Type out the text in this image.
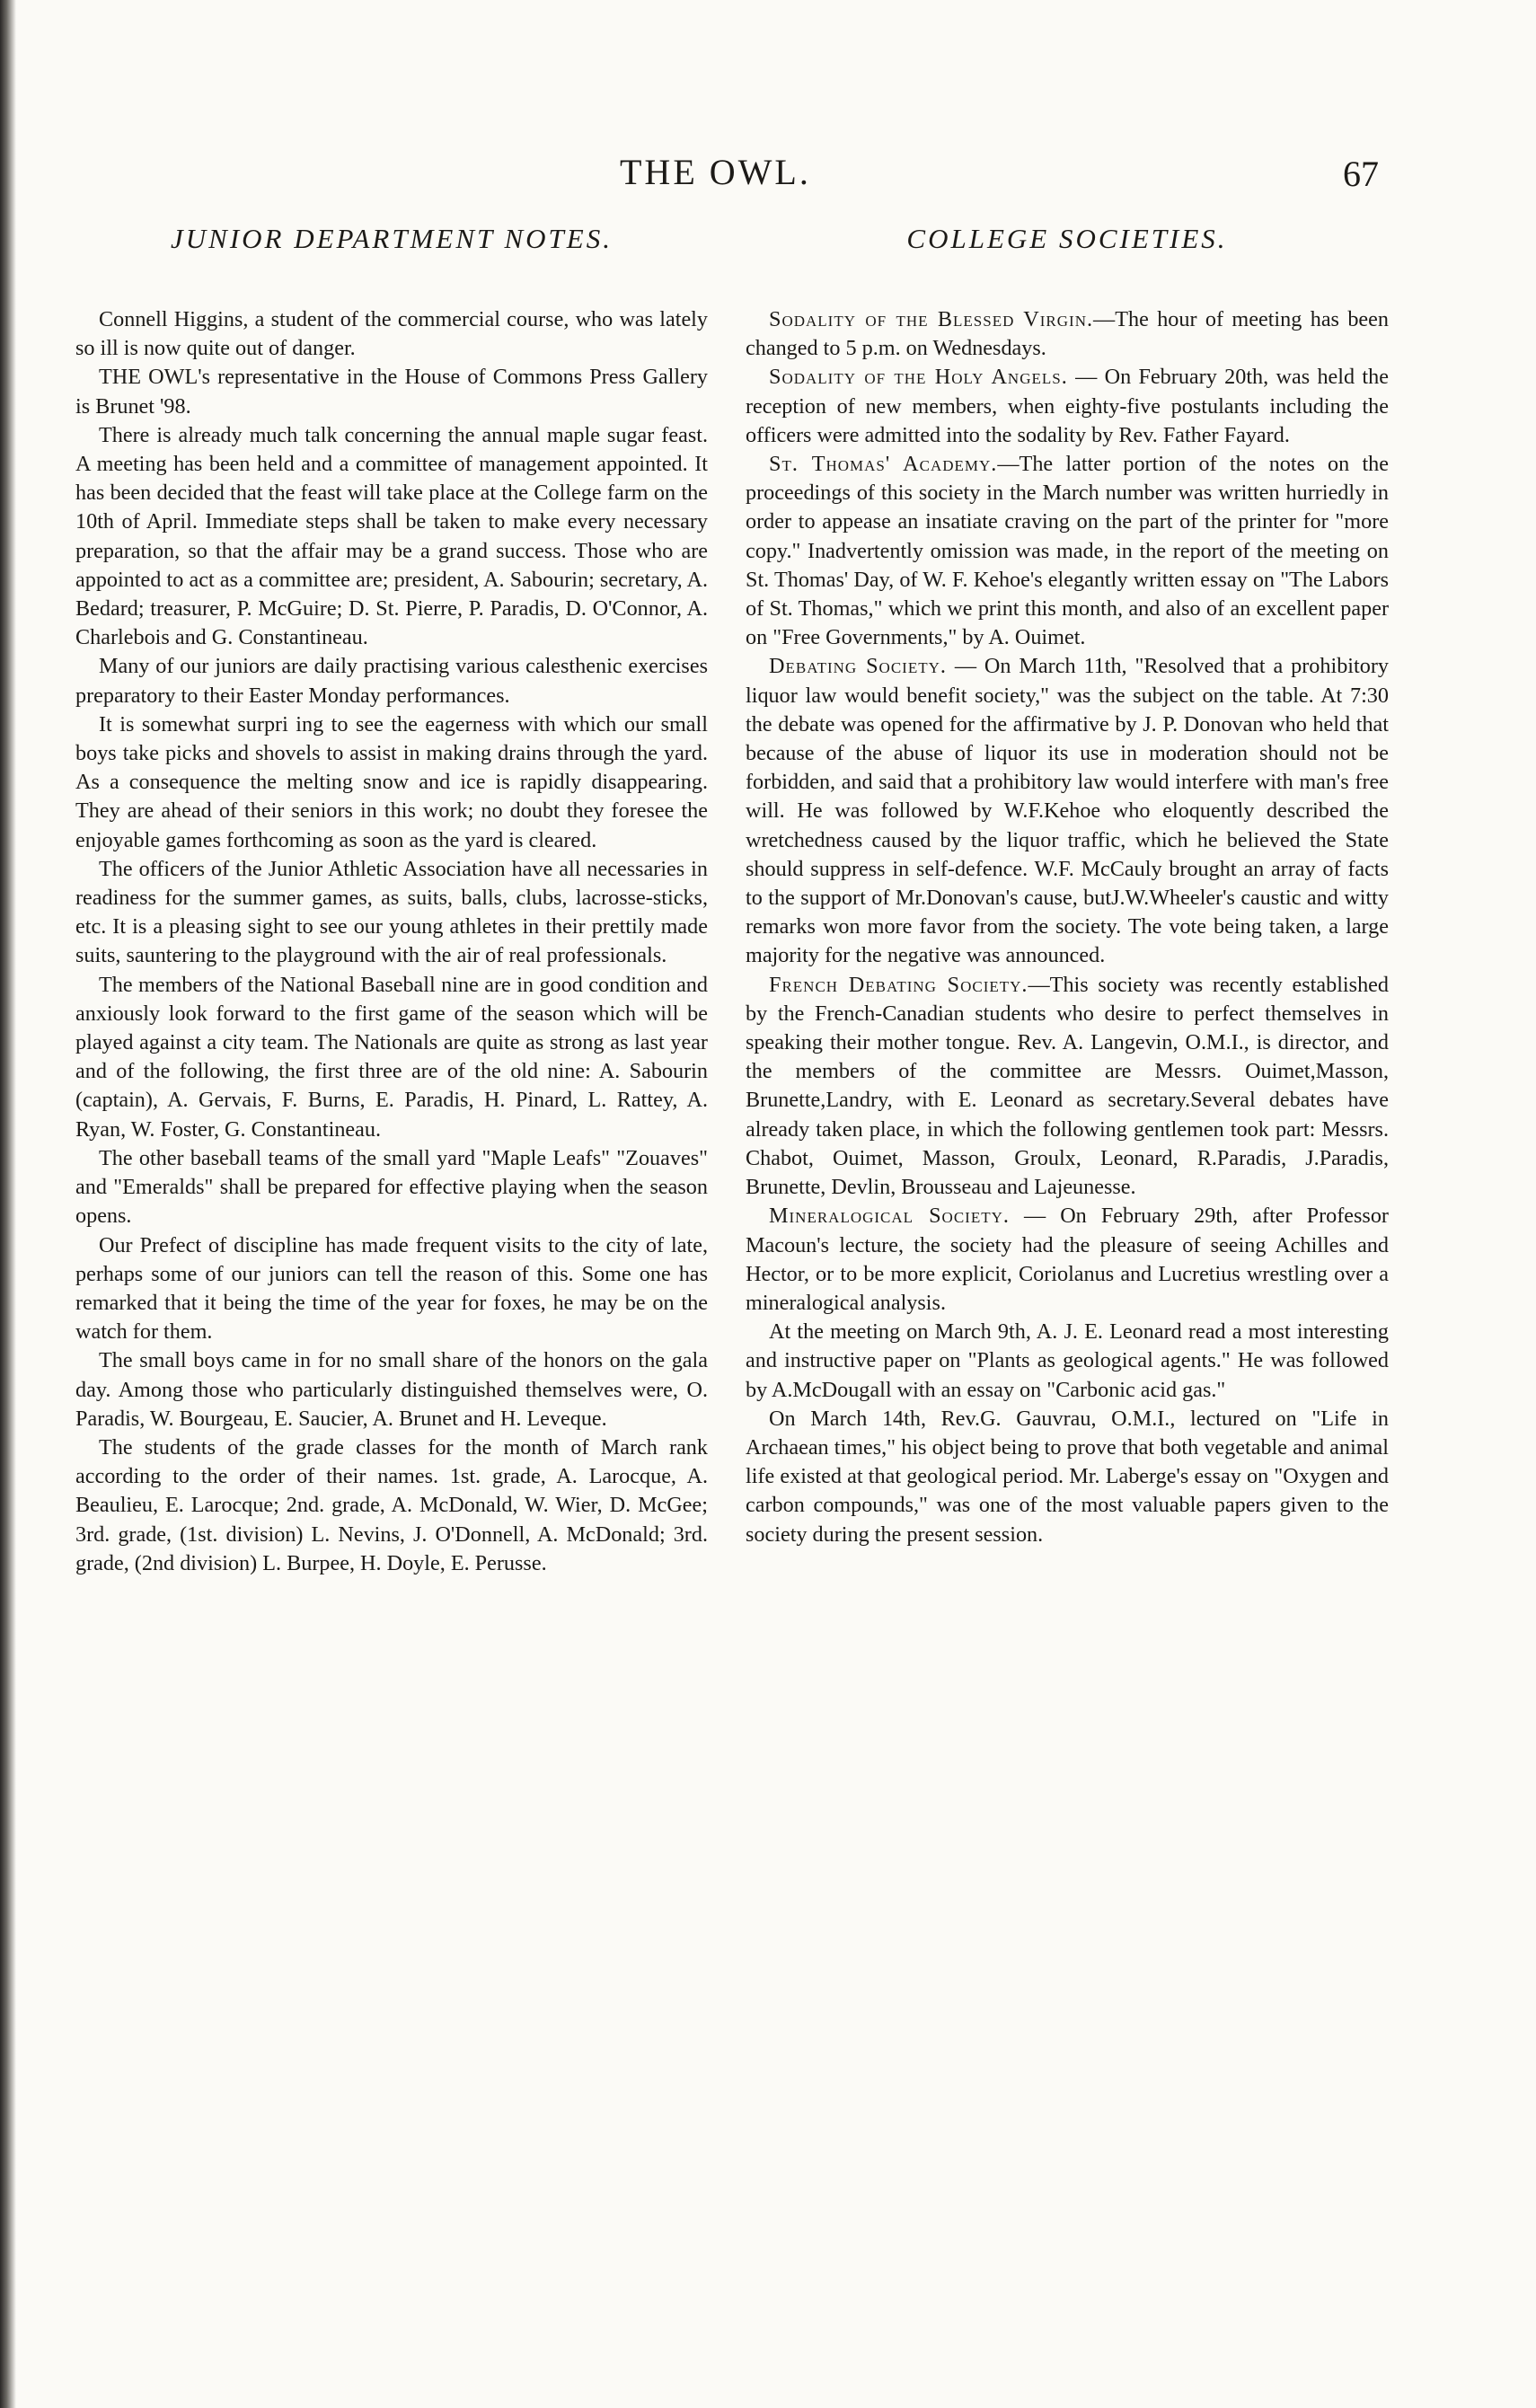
THE OWL.	67
JUNIOR DEPARTMENT NOTES.

Connell Higgins, a student of the commercial course, who was lately so ill is now quite out of danger.

THE OWL's representative in the House of Commons Press Gallery is Brunet '98.

There is already much talk concerning the annual maple sugar feast. A meeting has been held and a committee of management appointed. It has been decided that the feast will take place at the College farm on the 10th of April. Immediate steps shall be taken to make every necessary preparation, so that the affair may be a grand success. Those who are appointed to act as a committee are; president, A. Sabourin; secretary, A. Bedard; treasurer, P. McGuire; D. St. Pierre, P. Paradis, D. O'Connor, A. Charlebois and G. Constantineau.

Many of our juniors are daily practising various calesthenic exercises preparatory to their Easter Monday performances.

It is somewhat surpri ing to see the eagerness with which our small boys take picks and shovels to assist in making drains through the yard. As a consequence the melting snow and ice is rapidly disappearing. They are ahead of their seniors in this work; no doubt they foresee the enjoyable games forthcoming as soon as the yard is cleared.

The officers of the Junior Athletic Association have all necessaries in readiness for the summer games, as suits, balls, clubs, lacrosse-sticks, etc. It is a pleasing sight to see our young athletes in their prettily made suits, sauntering to the playground with the air of real professionals.

The members of the National Baseball nine are in good condition and anxiously look forward to the first game of the season which will be played against a city team. The Nationals are quite as strong as last year and of the following, the first three are of the old nine: A. Sabourin (captain), A. Gervais, F. Burns, E. Paradis, H. Pinard, L. Rattey, A. Ryan, W. Foster, G. Constantineau.

The other baseball teams of the small yard "Maple Leafs" "Zouaves" and "Emeralds" shall be prepared for effective playing when the season opens.

Our Prefect of discipline has made frequent visits to the city of late, perhaps some of our juniors can tell the reason of this. Some one has remarked that it being the time of the year for foxes, he may be on the watch for them.

The small boys came in for no small share of the honors on the gala day. Among those who particularly distinguished themselves were, O. Paradis, W. Bourgeau, E. Saucier, A. Brunet and H. Leveque.

The students of the grade classes for the month of March rank according to the order of their names. 1st. grade, A. Larocque, A. Beaulieu, E. Larocque; 2nd. grade, A. McDonald, W. Wier, D. McGee; 3rd. grade, (1st. division) L. Nevins, J. O'Donnell, A. McDonald; 3rd. grade, (2nd division) L. Burpee, H. Doyle, E. Perusse.

COLLEGE SOCIETIES.

Sodality of the Blessed Virgin.—The hour of meeting has been changed to 5 p.m. on Wednesdays.

Sodality of the Holy Angels. — On February 20th, was held the reception of new members, when eighty-five postulants including the officers were admitted into the sodality by Rev. Father Fayard.

St. Thomas' Academy.—The latter portion of the notes on the proceedings of this society in the March number was written hurriedly in order to appease an insatiate craving on the part of the printer for "more copy." Inadvertently omission was made, in the report of the meeting on St. Thomas' Day, of W. F. Kehoe's elegantly written essay on "The Labors of St. Thomas," which we print this month, and also of an excellent paper on "Free Governments," by A. Ouimet.

Debating Society. — On March 11th, "Resolved that a prohibitory liquor law would benefit society," was the subject on the table. At 7:30 the debate was opened for the affirmative by J. P. Donovan who held that because of the abuse of liquor its use in moderation should not be forbidden, and said that a prohibitory law would interfere with man's free will. He was followed by W.F.Kehoe who eloquently described the wretchedness caused by the liquor traffic, which he believed the State should suppress in self-defence. W.F. McCauly brought an array of facts to the support of Mr.Donovan's cause, butJ.W.Wheeler's caustic and witty remarks won more favor from the society. The vote being taken, a large majority for the negative was announced.

French Debating Society.—This society was recently established by the French-Canadian students who desire to perfect themselves in speaking their mother tongue. Rev. A. Langevin, O.M.I., is director, and the members of the committee are Messrs. Ouimet,Masson, Brunette,Landry, with E. Leonard as secretary.Several debates have already taken place, in which the following gentlemen took part: Messrs. Chabot, Ouimet, Masson, Groulx, Leonard, R.Paradis, J.Paradis, Brunette, Devlin, Brousseau and Lajeunesse.

Mineralogical Society. — On February 29th, after Professor Macoun's lecture, the society had the pleasure of seeing Achilles and Hector, or to be more explicit, Coriolanus and Lucretius wrestling over a mineralogical analysis.

At the meeting on March 9th, A. J. E. Leonard read a most interesting and instructive paper on "Plants as geological agents." He was followed by A.McDougall with an essay on "Carbonic acid gas."

On March 14th, Rev.G. Gauvrau, O.M.I., lectured on "Life in Archaean times," his object being to prove that both vegetable and animal life existed at that geological period. Mr. Laberge's essay on "Oxygen and carbon compounds," was one of the most valuable papers given to the society during the present session.
